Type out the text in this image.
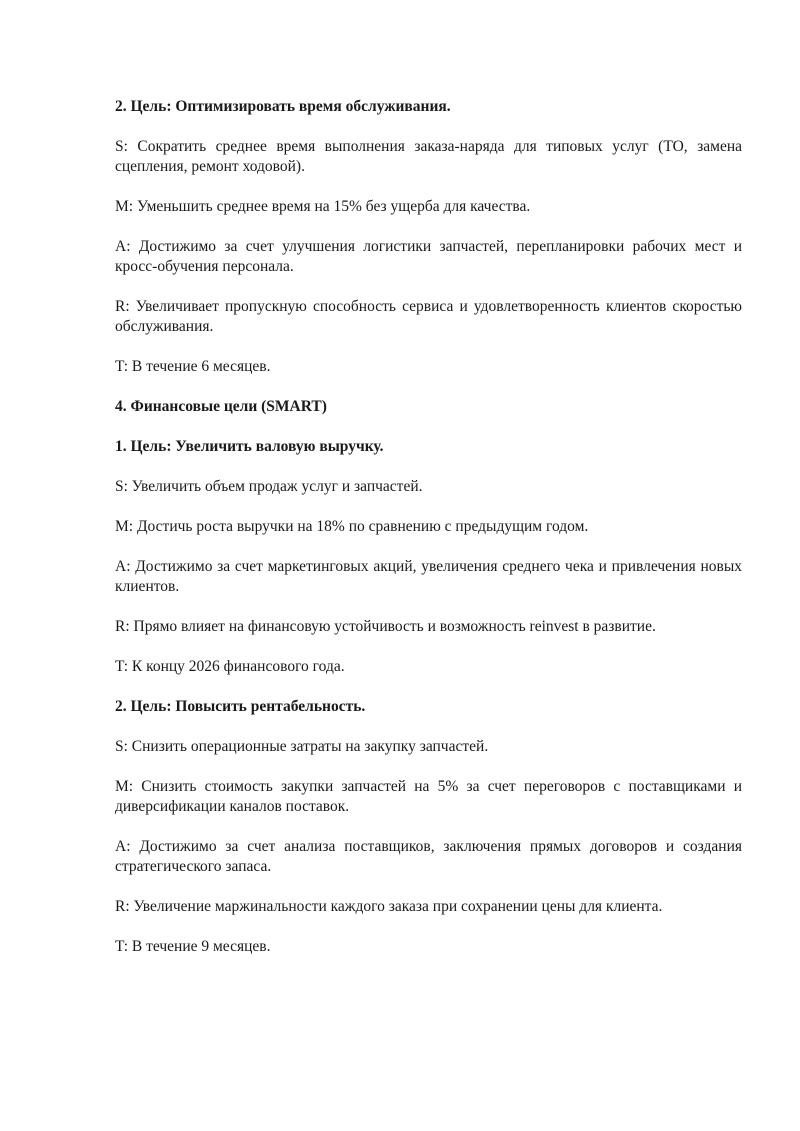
2. Цель: Оптимизировать время обслуживания.

S: Сократить среднее время выполнения заказа-наряда для типовых услуг (ТО, замена сцепления, ремонт ходовой).

M: Уменьшить среднее время на 15% без ущерба для качества.

A: Достижимо за счет улучшения логистики запчастей, перепланировки рабочих мест и кросс-обучения персонала.

R: Увеличивает пропускную способность сервиса и удовлетворенность клиентов скоростью обслуживания.

T: В течение 6 месяцев.

4. Финансовые цели (SMART)

1. Цель: Увеличить валовую выручку.

S: Увеличить объем продаж услуг и запчастей.

M: Достичь роста выручки на 18% по сравнению с предыдущим годом.

A: Достижимо за счет маркетинговых акций, увеличения среднего чека и привлечения новых клиентов.

R: Прямо влияет на финансовую устойчивость и возможность reinvest в развитие.

T: К концу 2026 финансового года.

2. Цель: Повысить рентабельность.

S: Снизить операционные затраты на закупку запчастей.

M: Снизить стоимость закупки запчастей на 5% за счет переговоров с поставщиками и диверсификации каналов поставок.

A: Достижимо за счет анализа поставщиков, заключения прямых договоров и создания стратегического запаса.

R: Увеличение маржинальности каждого заказа при сохранении цены для клиента.

T: В течение 9 месяцев.
